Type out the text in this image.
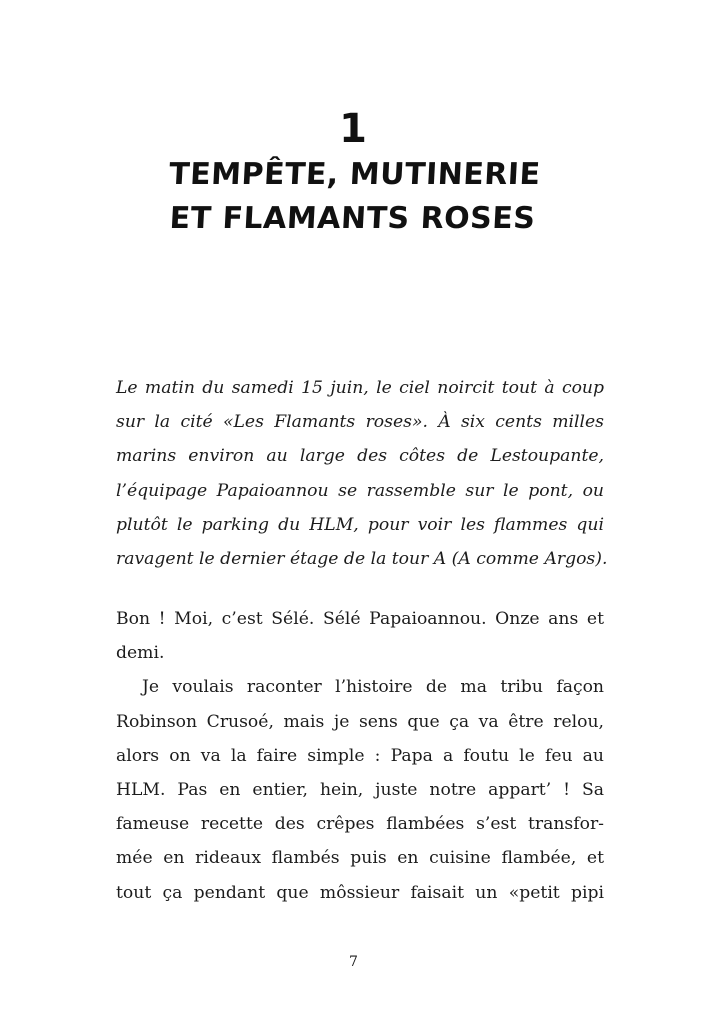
1
TEMPÊTE, MUTINERIE
ET FLAMANTS ROSES
Le matin du samedi 15 juin, le ciel noircit tout à coup
sur la cité «Les Flamants roses». À six cents milles
marins environ au large des côtes de Lestoupante,
l’équipage Papaioannou se rassemble sur le pont, ou
plutôt le parking du HLM, pour voir les flammes qui
ravagent le dernier étage de la tour A (A comme Argos).
Bon ! Moi, c’est Sélé. Sélé Papaioannou. Onze ans et
demi.
Je voulais raconter l’histoire de ma tribu façon
Robinson Crusoé, mais je sens que ça va être relou,
alors on va la faire simple : Papa a foutu le feu au
HLM. Pas en entier, hein, juste notre appart’ ! Sa
fameuse recette des crêpes flambées s’est transfor-
mée en rideaux flambés puis en cuisine flambée, et
tout ça pendant que môssieur faisait un «petit pipi
7
